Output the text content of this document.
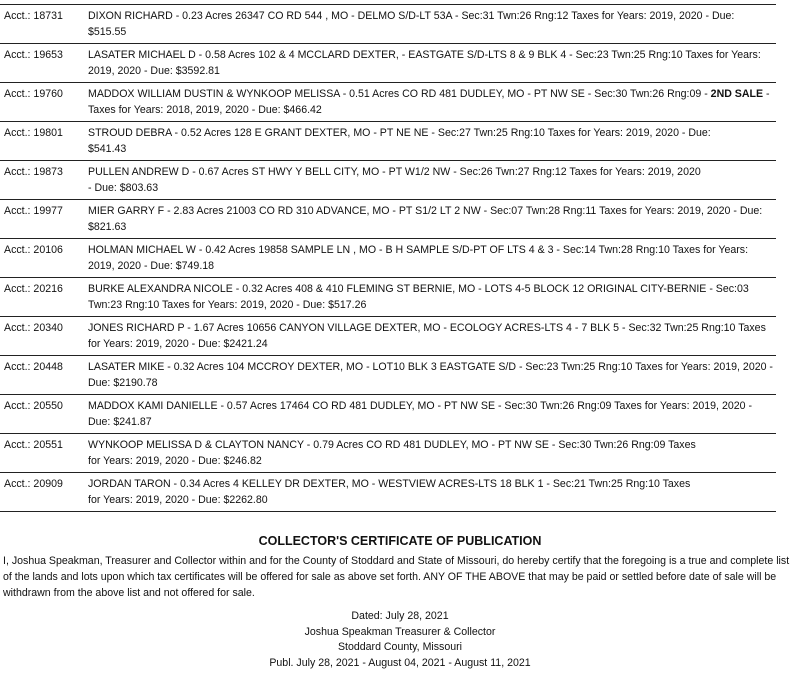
Acct.: 18731	DIXON RICHARD - 0.23 Acres 26347 CO RD 544 , MO - DELMO S/D-LT 53A - Sec:31 Twn:26 Rng:12 Taxes for Years: 2019, 2020 - Due: $515.55
Acct.: 19653	LASATER MICHAEL D - 0.58 Acres 102 & 4 MCCLARD DEXTER, - EASTGATE S/D-LTS 8 & 9 BLK 4 - Sec:23 Twn:25 Rng:10 Taxes for Years: 2019, 2020 - Due: $3592.81
Acct.: 19760	MADDOX WILLIAM DUSTIN & WYNKOOP MELISSA - 0.51 Acres CO RD 481 DUDLEY, MO - PT NW SE - Sec:30 Twn:26 Rng:09 - 2ND SALE - Taxes for Years: 2018, 2019, 2020 - Due: $466.42
Acct.: 19801	STROUD DEBRA - 0.52 Acres 128 E GRANT DEXTER, MO - PT NE NE - Sec:27 Twn:25 Rng:10 Taxes for Years: 2019, 2020 - Due:
$541.43
Acct.: 19873	PULLEN ANDREW D - 0.67 Acres ST HWY Y BELL CITY, MO - PT W1/2 NW - Sec:26 Twn:27 Rng:12 Taxes for Years: 2019, 2020
- Due: $803.63
Acct.: 19977	MIER GARRY F - 2.83 Acres 21003 CO RD 310 ADVANCE, MO - PT S1/2 LT 2 NW - Sec:07 Twn:28 Rng:11 Taxes for Years: 2019, 2020 - Due:
$821.63
Acct.: 20106	HOLMAN MICHAEL W - 0.42 Acres 19858 SAMPLE LN , MO - B H SAMPLE S/D-PT OF LTS 4 & 3 - Sec:14 Twn:28 Rng:10 Taxes for Years: 2019, 2020 - Due: $749.18
Acct.: 20216	BURKE ALEXANDRA NICOLE - 0.32 Acres 408 & 410 FLEMING ST BERNIE, MO - LOTS 4-5 BLOCK 12 ORIGINAL CITY-BERNIE - Sec:03 Twn:23 Rng:10 Taxes for Years: 2019, 2020 - Due: $517.26
Acct.: 20340	JONES RICHARD P - 1.67 Acres 10656 CANYON VILLAGE DEXTER, MO - ECOLOGY ACRES-LTS 4 - 7 BLK 5 - Sec:32 Twn:25 Rng:10 Taxes for Years: 2019, 2020 - Due: $2421.24
Acct.: 20448	LASATER MIKE - 0.32 Acres 104 MCCROY DEXTER, MO - LOT10 BLK 3 EASTGATE S/D - Sec:23 Twn:25 Rng:10 Taxes for Years: 2019, 2020 -
Due: $2190.78
Acct.: 20550	MADDOX KAMI DANIELLE - 0.57 Acres 17464 CO RD 481 DUDLEY, MO - PT NW SE - Sec:30 Twn:26 Rng:09 Taxes for Years: 2019, 2020 - Due: $241.87
Acct.: 20551	WYNKOOP MELISSA D & CLAYTON NANCY - 0.79 Acres CO RD 481 DUDLEY, MO - PT NW SE - Sec:30 Twn:26 Rng:09 Taxes
for Years: 2019, 2020 - Due: $246.82
Acct.: 20909	JORDAN TARON - 0.34 Acres 4 KELLEY DR DEXTER, MO - WESTVIEW ACRES-LTS 18 BLK 1 - Sec:21 Twn:25 Rng:10 Taxes
for Years: 2019, 2020 - Due: $2262.80
COLLECTOR'S CERTIFICATE OF PUBLICATION
I, Joshua Speakman, Treasurer and Collector within and for the County of Stoddard and State of Missouri, do hereby certify that the foregoing is a true and complete list of the lands and lots upon which tax certificates will be offered for sale as above set forth. ANY OF THE ABOVE that may be paid or settled before date of sale will be withdrawn from the above list and not offered for sale.
Dated: July 28, 2021
Joshua Speakman Treasurer & Collector
Stoddard County, Missouri
Publ. July 28, 2021 - August 04, 2021 - August 11, 2021
